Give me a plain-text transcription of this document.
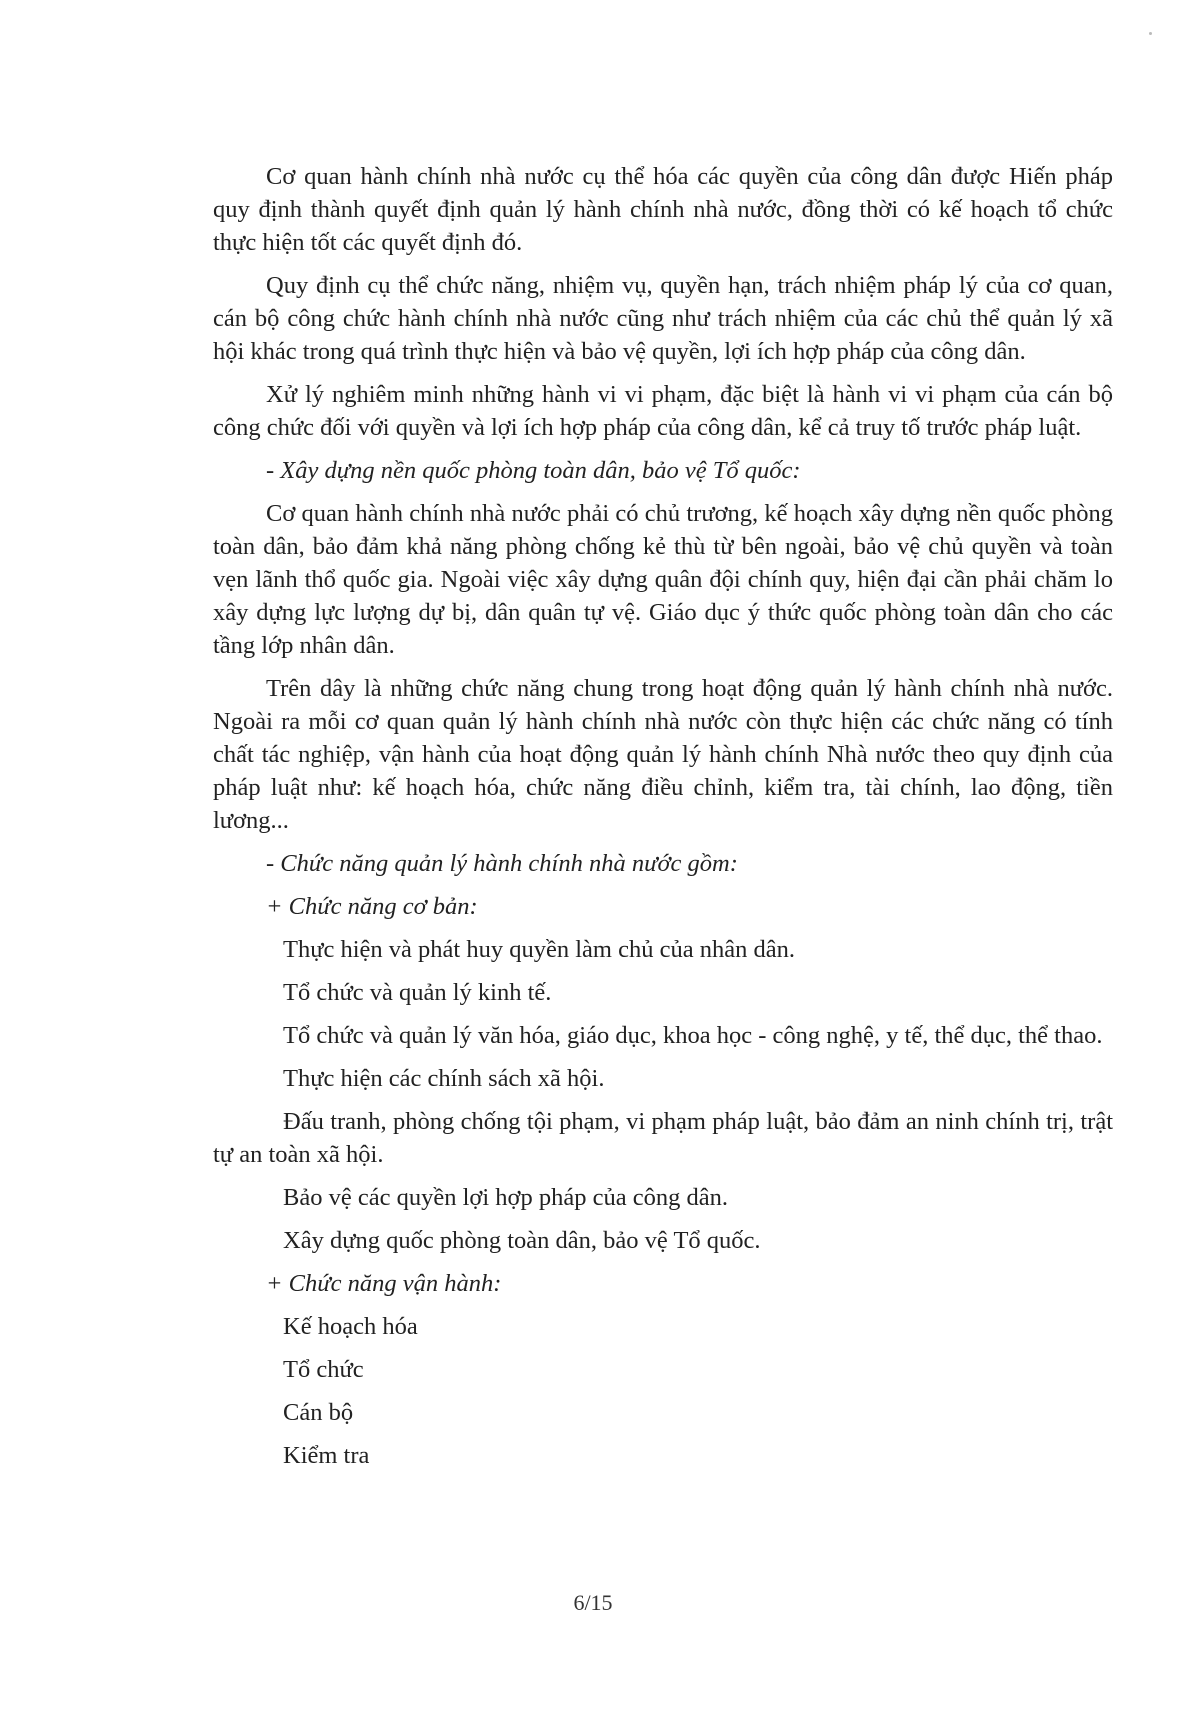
Cơ quan hành chính nhà nước cụ thể hóa các quyền của công dân được Hiến pháp quy định thành quyết định quản lý hành chính nhà nước, đồng thời có kế hoạch tổ chức thực hiện tốt các quyết định đó.

Quy định cụ thể chức năng, nhiệm vụ, quyền hạn, trách nhiệm pháp lý của cơ quan, cán bộ công chức hành chính nhà nước cũng như trách nhiệm của các chủ thể quản lý xã hội khác trong quá trình thực hiện và bảo vệ quyền, lợi ích hợp pháp của công dân.

Xử lý nghiêm minh những hành vi vi phạm, đặc biệt là hành vi vi phạm của cán bộ công chức đối với quyền và lợi ích hợp pháp của công dân, kể cả truy tố trước pháp luật.

- Xây dựng nền quốc phòng toàn dân, bảo vệ Tổ quốc:

Cơ quan hành chính nhà nước phải có chủ trương, kế hoạch xây dựng nền quốc phòng toàn dân, bảo đảm khả năng phòng chống kẻ thù từ bên ngoài, bảo vệ chủ quyền và toàn vẹn lãnh thổ quốc gia. Ngoài việc xây dựng quân đội chính quy, hiện đại cần phải chăm lo xây dựng lực lượng dự bị, dân quân tự vệ. Giáo dục ý thức quốc phòng toàn dân cho các tầng lớp nhân dân.

Trên dây là những chức năng chung trong hoạt động quản lý hành chính nhà nước. Ngoài ra mỗi cơ quan quản lý hành chính nhà nước còn thực hiện các chức năng có tính chất tác nghiệp, vận hành của hoạt động quản lý hành chính Nhà nước theo quy định của pháp luật như: kế hoạch hóa, chức năng điều chỉnh, kiểm tra, tài chính, lao động, tiền lương...

- Chức năng quản lý hành chính nhà nước gồm:

+ Chức năng cơ bản:

Thực hiện và phát huy quyền làm chủ của nhân dân.

Tổ chức và quản lý kinh tế.

Tổ chức và quản lý văn hóa, giáo dục, khoa học - công nghệ, y tế, thể dục, thể thao.

Thực hiện các chính sách xã hội.

Đấu tranh, phòng chống tội phạm, vi phạm pháp luật, bảo đảm an ninh chính trị, trật tự an toàn xã hội.

Bảo vệ các quyền lợi hợp pháp của công dân.

Xây dựng quốc phòng toàn dân, bảo vệ Tổ quốc.

+ Chức năng vận hành:

Kế hoạch hóa

Tổ chức

Cán bộ

Kiểm tra

6/15
